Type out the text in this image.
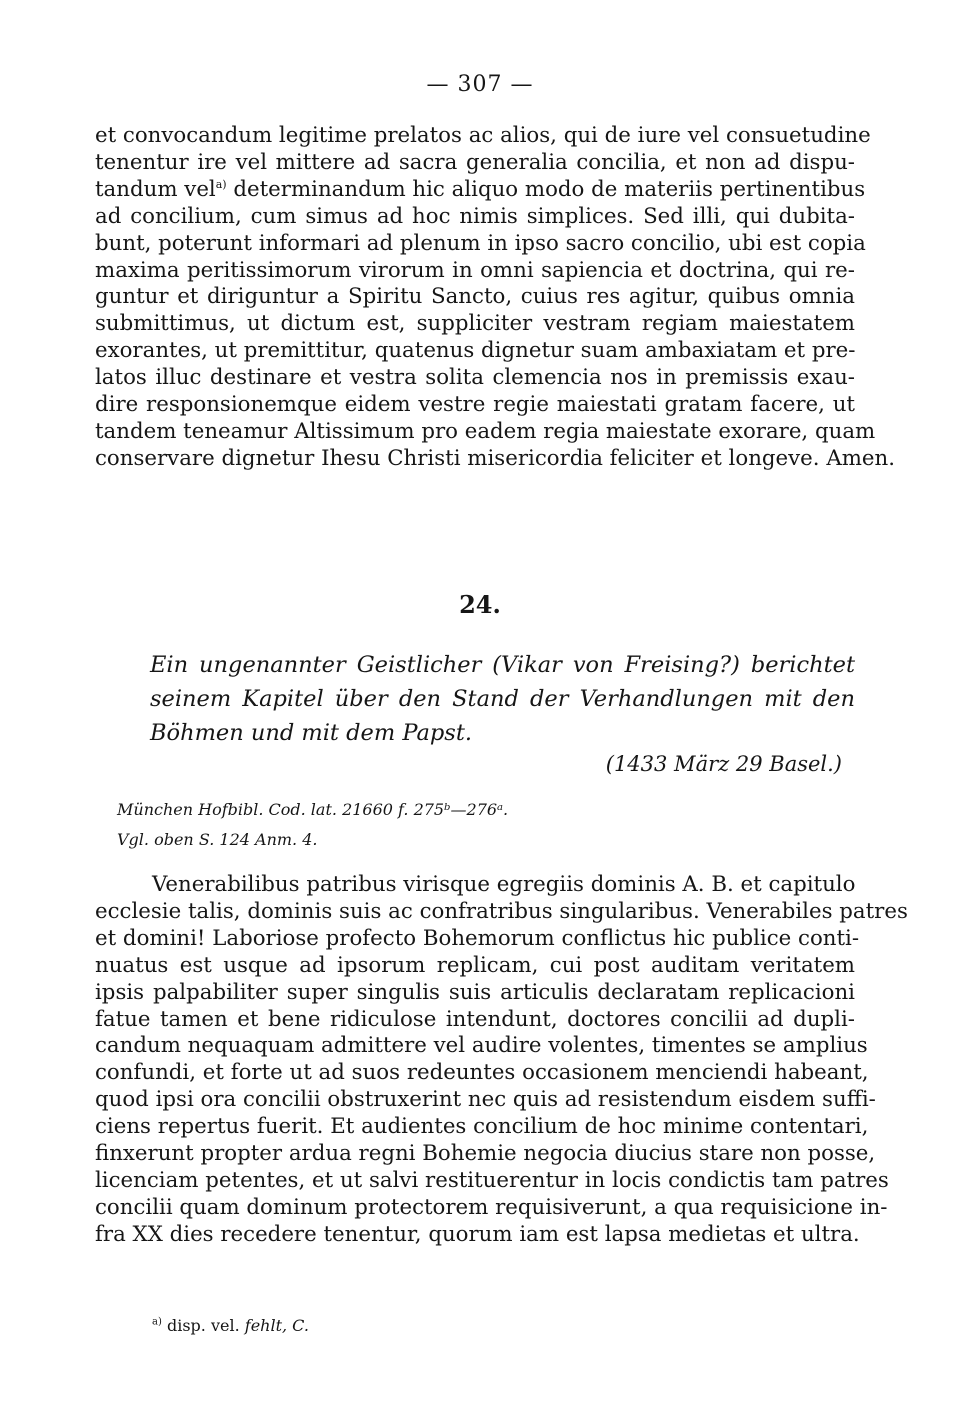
— 307 —
et convocandum legitime prelatos ac alios, qui de iure vel consuetudine
tenentur ire vel mittere ad sacra generalia concilia, et non ad dispu-
tandum vel$^{a)}$ determinandum hic aliquo modo de materiis pertinentibus
ad concilium, cum simus ad hoc nimis simplices. Sed illi, qui dubita-
bunt, poterunt informari ad plenum in ipso sacro concilio, ubi est copia
maxima peritissimorum virorum in omni sapiencia et doctrina, qui re-
guntur et diriguntur a Spiritu Sancto, cuius res agitur, quibus omnia
submittimus, ut dictum est, suppliciter vestram regiam maiestatem
exorantes, ut premittitur, quatenus dignetur suam ambaxiatam et pre-
latos illuc destinare et vestra solita clemencia nos in premissis exau-
dire responsionemque eidem vestre regie maiestati gratam facere, ut
tandem teneamur Altissimum pro eadem regia maiestate exorare, quam
conservare dignetur Ihesu Christi misericordia feliciter et longeve. Amen.
24.
Ein ungenannter Geistlicher (Vikar von Freising?) berichtet
seinem Kapitel über den Stand der Verhandlungen mit den
Böhmen und mit dem Papst.
(1433 März 29 Basel.)
München Hofbibl. Cod. lat. 21660 f. 275ᵇ—276ᵃ.
Vgl. oben S. 124 Anm. 4.
Venerabilibus patribus virisque egregiis dominis A. B. et capitulo
ecclesie talis, dominis suis ac confratribus singularibus. Venerabiles patres
et domini! Laboriose profecto Bohemorum conflictus hic publice conti-
nuatus est usque ad ipsorum replicam, cui post auditam veritatem
ipsis palpabiliter super singulis suis articulis declaratam replicacioni
fatue tamen et bene ridiculose intendunt, doctores concilii ad dupli-
candum nequaquam admittere vel audire volentes, timentes se amplius
confundi, et forte ut ad suos redeuntes occasionem menciendi habeant,
quod ipsi ora concilii obstruxerint nec quis ad resistendum eisdem suffi-
ciens repertus fuerit. Et audientes concilium de hoc minime contentari,
finxerunt propter ardua regni Bohemie negocia diucius stare non posse,
licenciam petentes, et ut salvi restituerentur in locis condictis tam patres
concilii quam dominum protectorem requisiverunt, a qua requisicione in-
fra XX dies recedere tenentur, quorum iam est lapsa medietas et ultra.
$^{a)}$ disp. vel. fehlt, C.
